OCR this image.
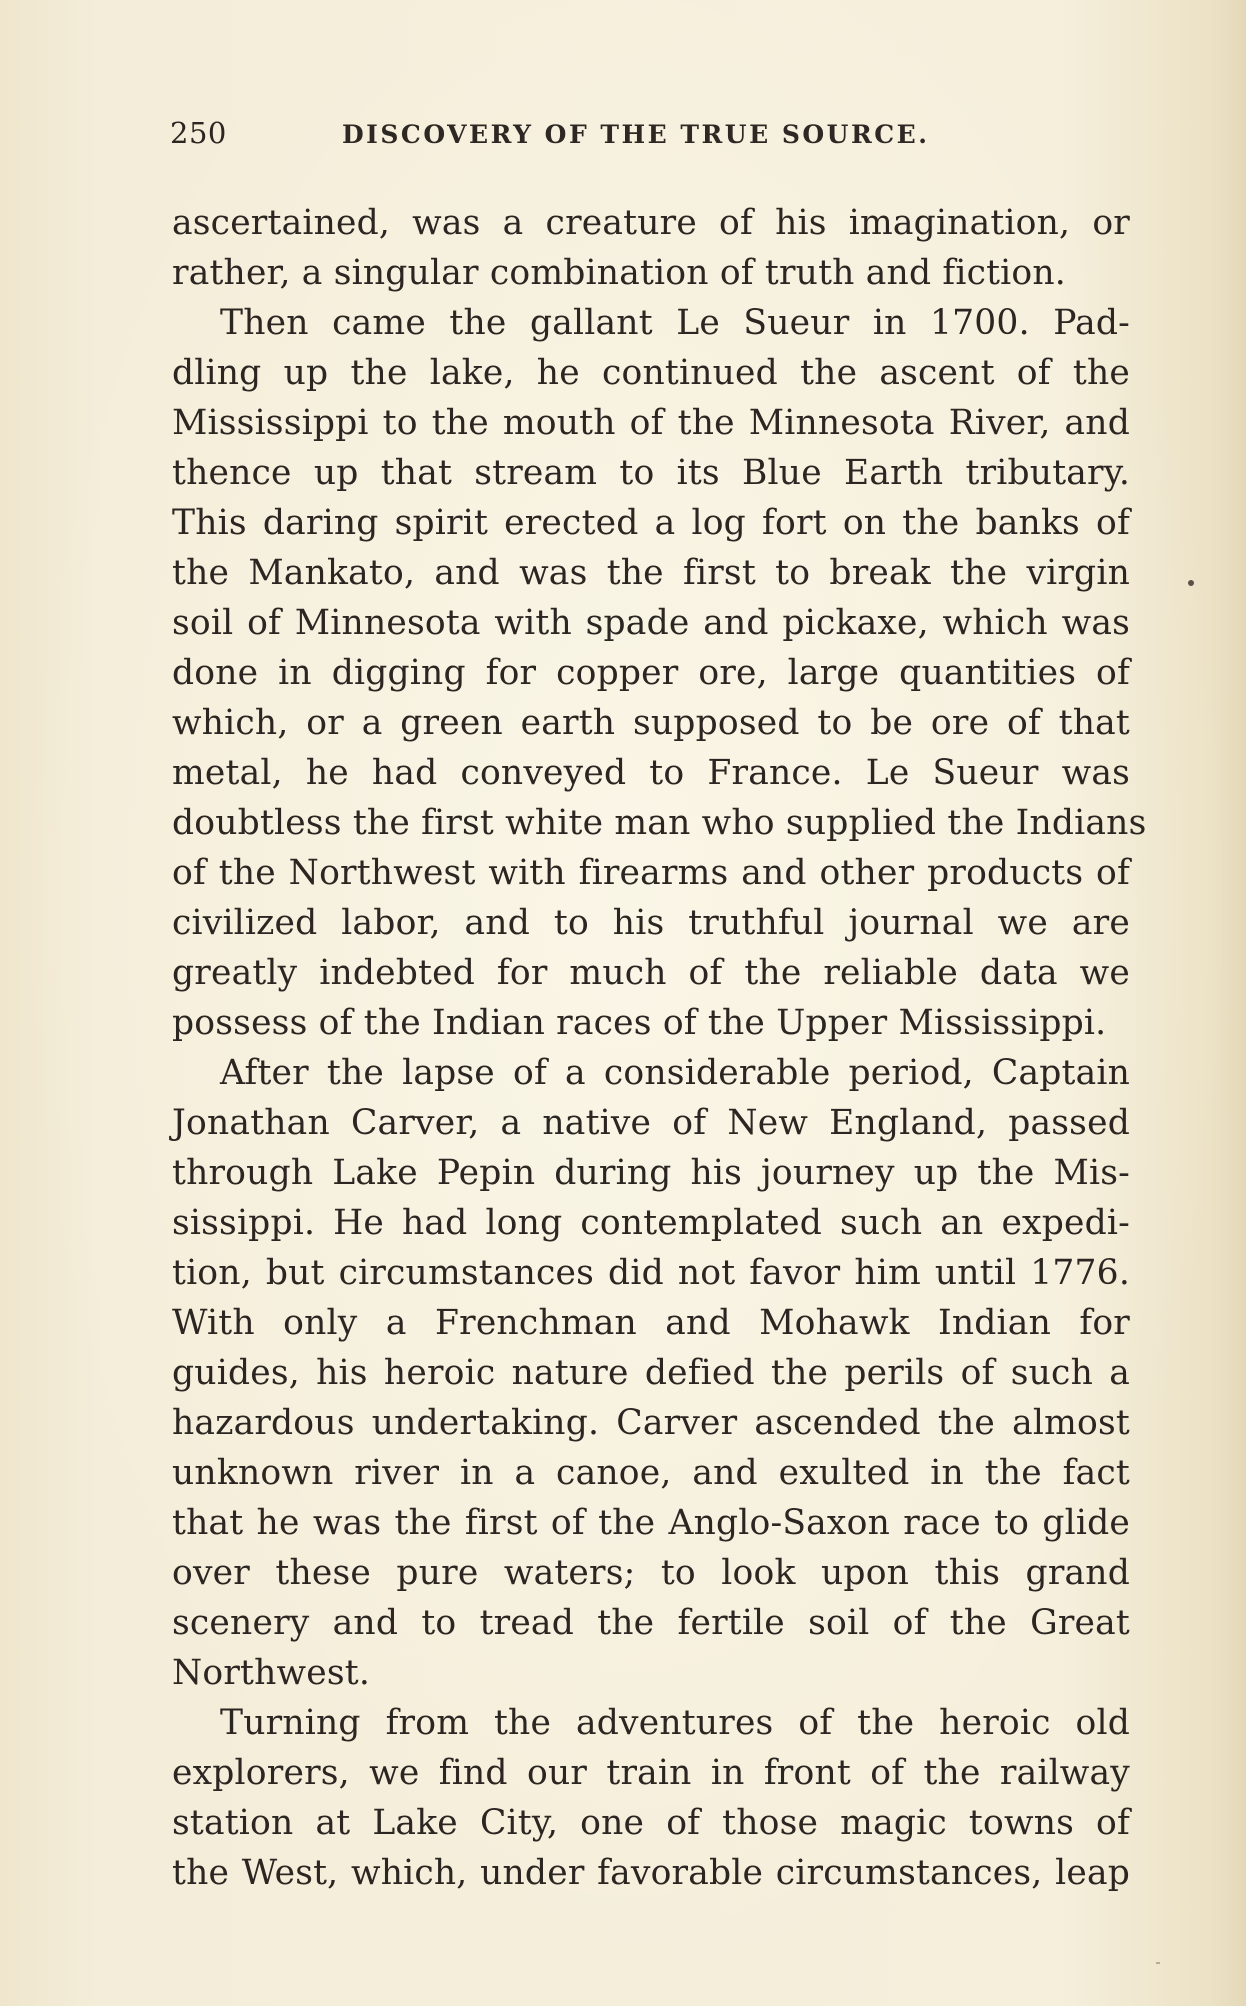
250	DISCOVERY OF THE TRUE SOURCE.
ascertained, was a creature of his imagination, or
rather, a singular combination of truth and fiction.
Then came the gallant Le Sueur in 1700. Pad-
dling up the lake, he continued the ascent of the
Mississippi to the mouth of the Minnesota River, and
thence up that stream to its Blue Earth tributary.
This daring spirit erected a log fort on the banks of
the Mankato, and was the first to break the virgin
soil of Minnesota with spade and pickaxe, which was
done in digging for copper ore, large quantities of
which, or a green earth supposed to be ore of that
metal, he had conveyed to France. Le Sueur was
doubtless the first white man who supplied the Indians
of the Northwest with firearms and other products of
civilized labor, and to his truthful journal we are
greatly indebted for much of the reliable data we
possess of the Indian races of the Upper Mississippi.
After the lapse of a considerable period, Captain
Jonathan Carver, a native of New England, passed
through Lake Pepin during his journey up the Mis-
sissippi. He had long contemplated such an expedi-
tion, but circumstances did not favor him until 1776.
With only a Frenchman and Mohawk Indian for
guides, his heroic nature defied the perils of such a
hazardous undertaking. Carver ascended the almost
unknown river in a canoe, and exulted in the fact
that he was the first of the Anglo-Saxon race to glide
over these pure waters; to look upon this grand
scenery and to tread the fertile soil of the Great
Northwest.
Turning from the adventures of the heroic old
explorers, we find our train in front of the railway
station at Lake City, one of those magic towns of
the West, which, under favorable circumstances, leap
